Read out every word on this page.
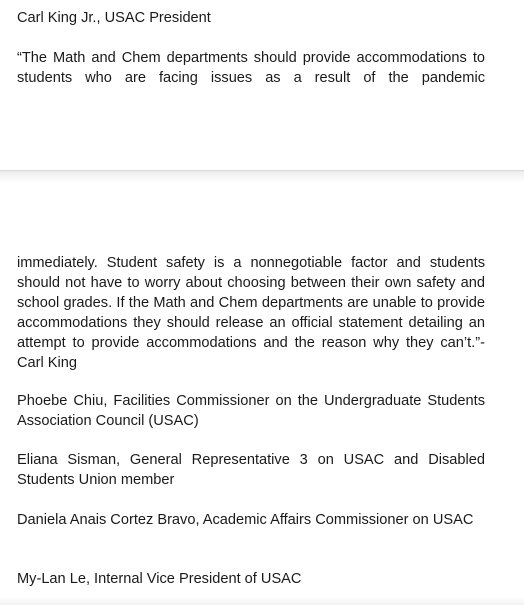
Carl King Jr., USAC President

“The Math and Chem departments should provide accommodations to students who are facing issues as a result of the pandemic

immediately. Student safety is a nonnegotiable factor and students should not have to worry about choosing between their own safety and school grades. If the Math and Chem departments are unable to provide accommodations they should release an official statement detailing an attempt to provide accommodations and the reason why they can’t.”-Carl King

Phoebe Chiu, Facilities Commissioner on the Undergraduate Students Association Council (USAC)

Eliana Sisman, General Representative 3 on USAC and Disabled Students Union member

Daniela Anais Cortez Bravo, Academic Affairs Commissioner on USAC

My-Lan Le, Internal Vice President of USAC
